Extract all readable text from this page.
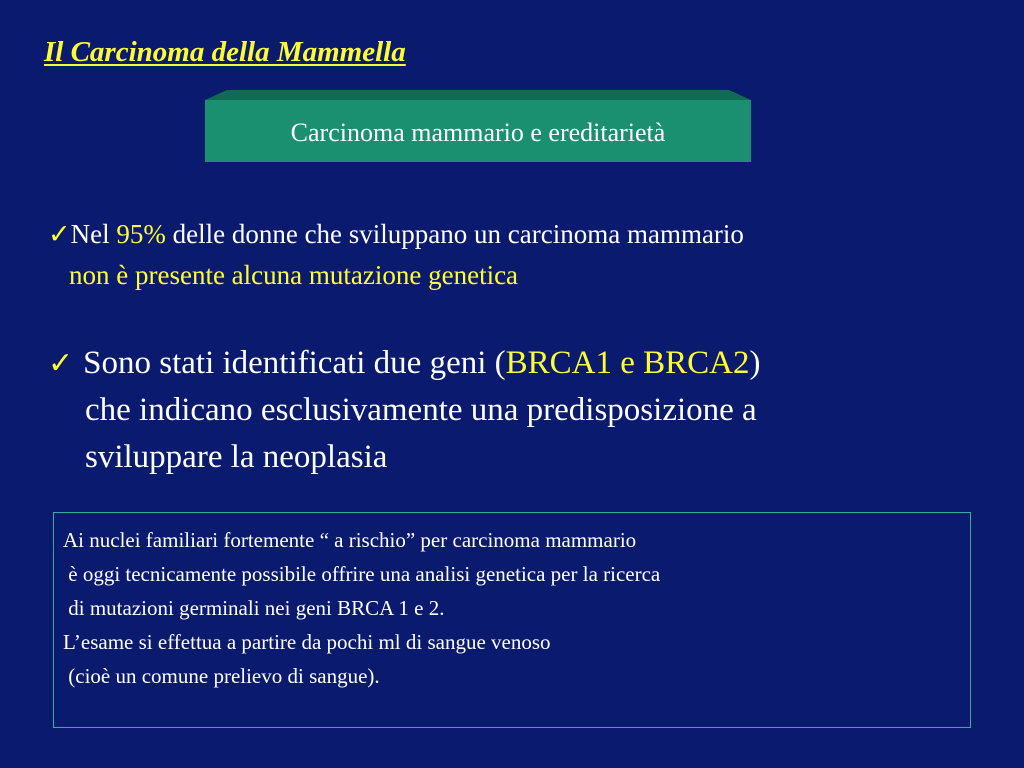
Il Carcinoma della Mammella
Carcinoma mammario e ereditarietà
✓Nel 95% delle donne che sviluppano un carcinoma mammario
non è presente alcuna mutazione genetica
✓ Sono stati identificati due geni (BRCA1 e BRCA2)
che indicano esclusivamente una predisposizione a
sviluppare la neoplasia
Ai nuclei familiari fortemente “ a rischio” per carcinoma mammario
è oggi tecnicamente possibile offrire una analisi genetica per la ricerca
di mutazioni germinali nei geni BRCA 1 e 2.
L’esame si effettua a partire da pochi ml di sangue venoso
(cioè un comune prelievo di sangue).
